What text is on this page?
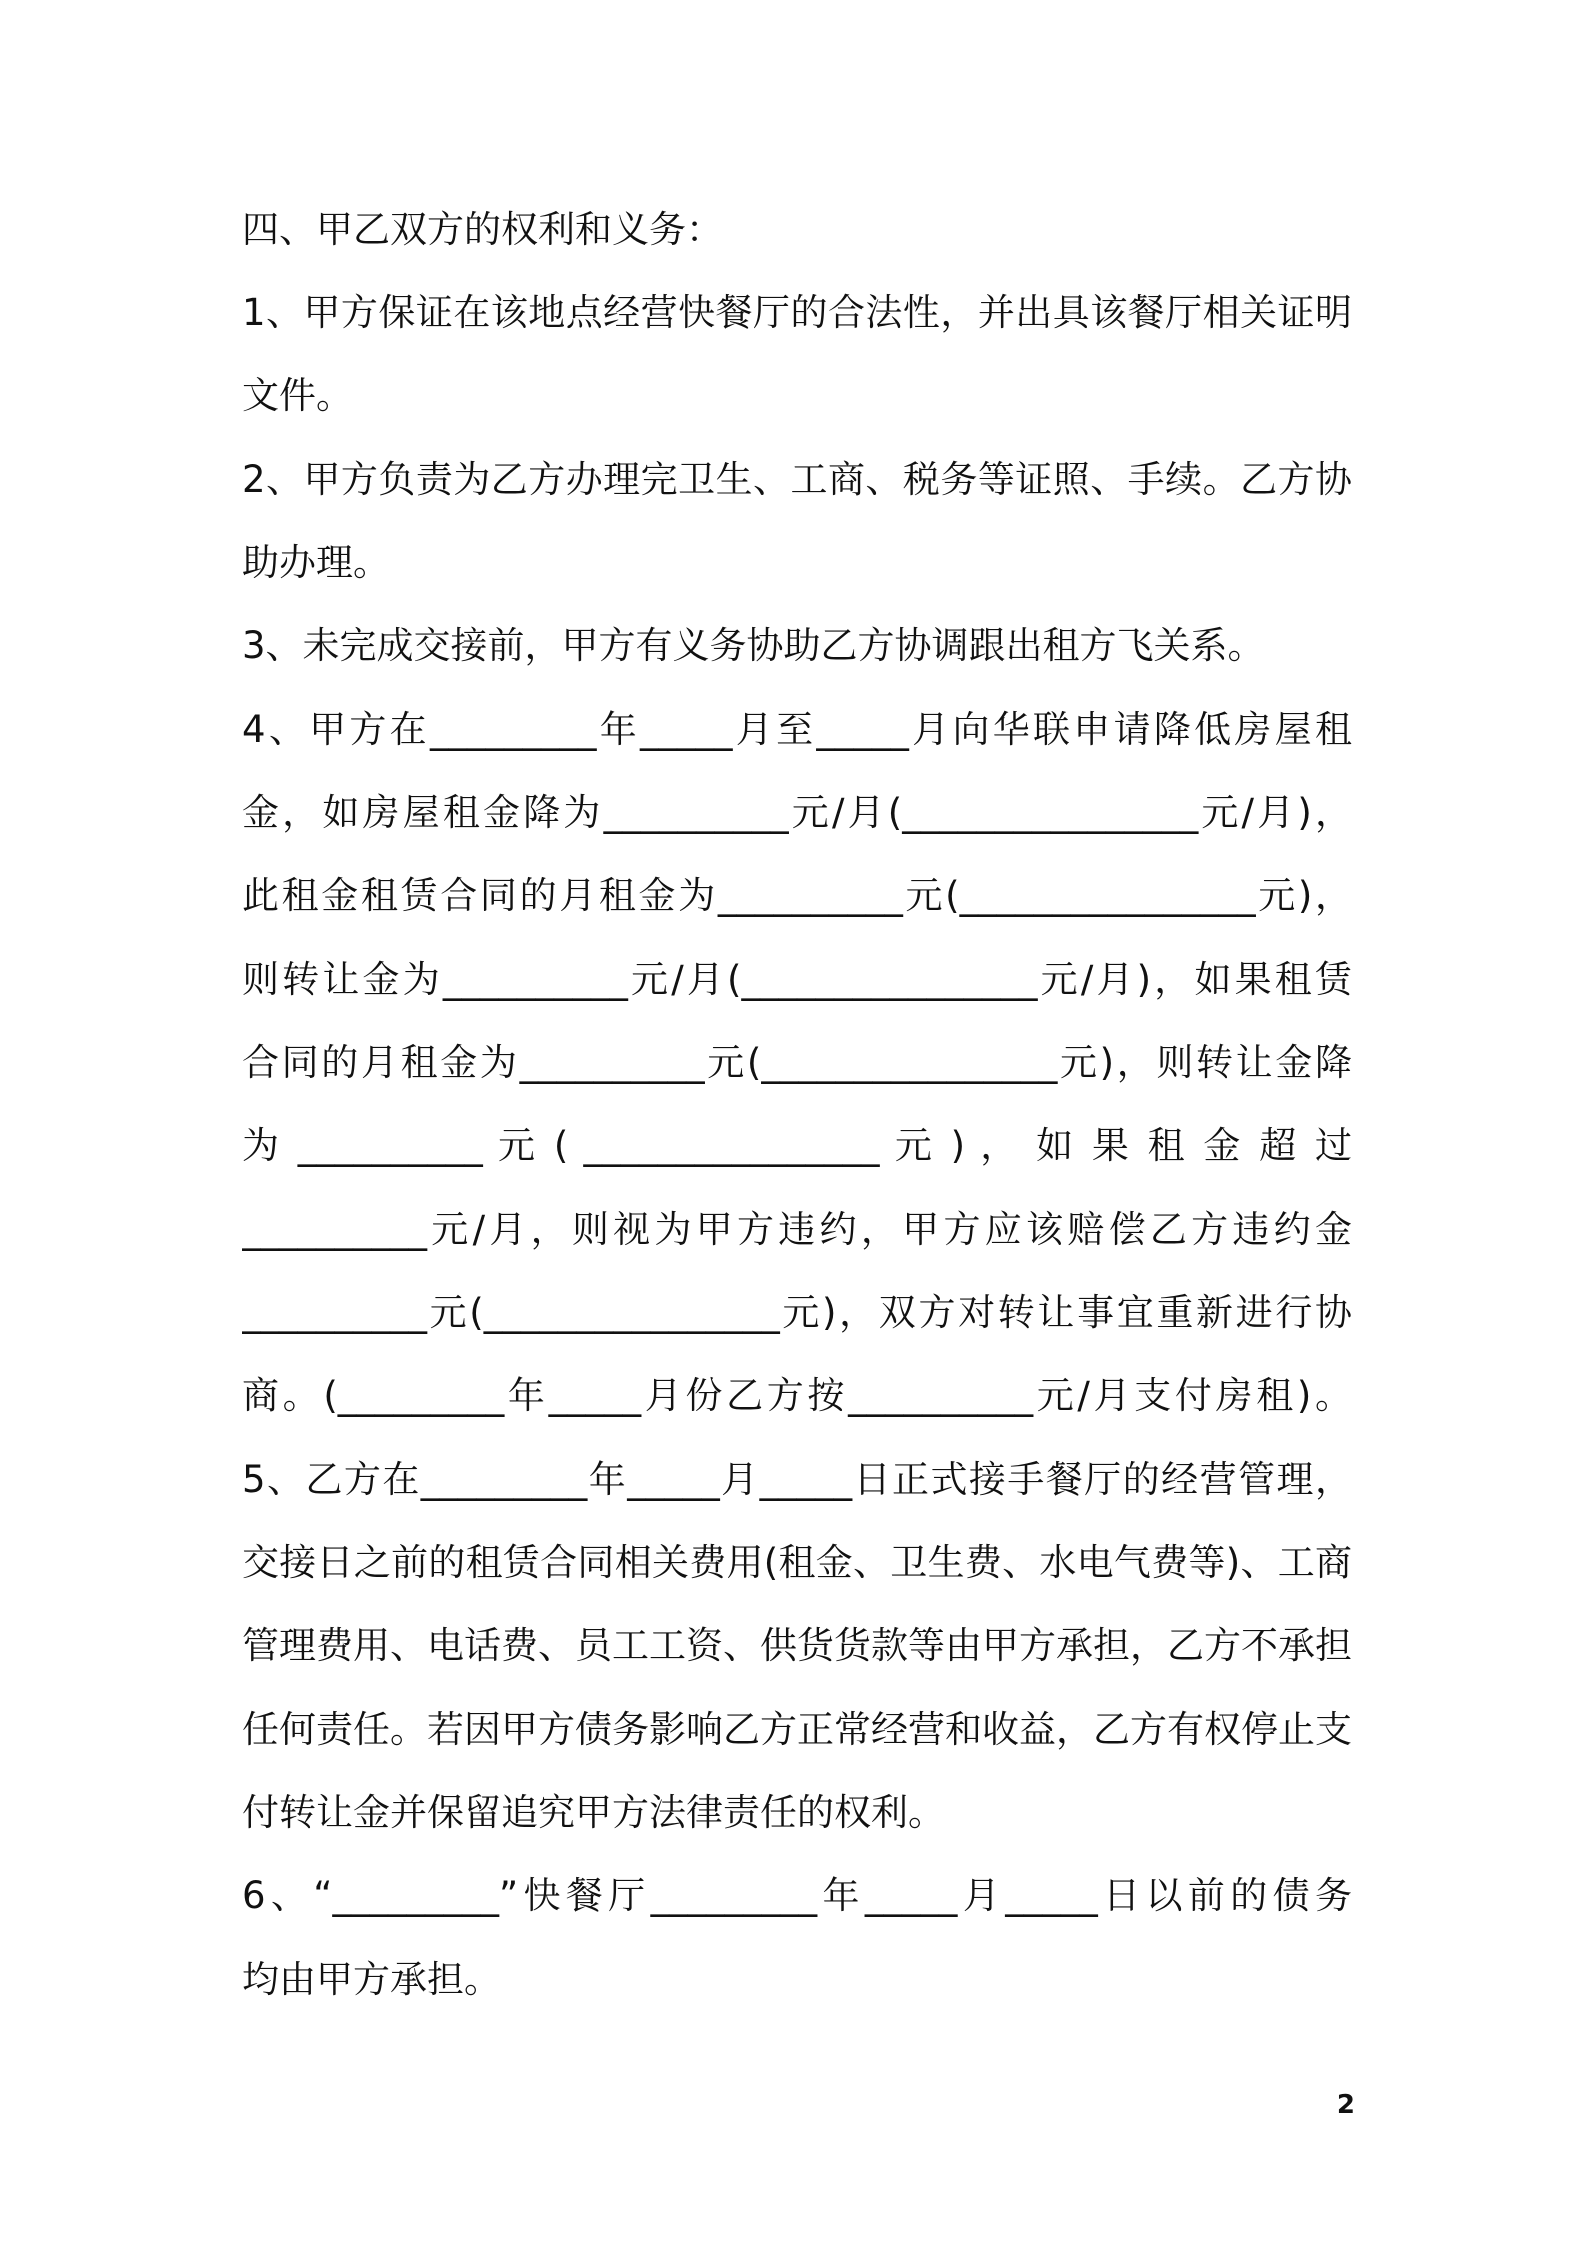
四、甲乙双方的权利和义务：
1、甲方保证在该地点经营快餐厅的合法性，并出具该餐厅相关证明
文件。
2、甲方负责为乙方办理完卫生、工商、税务等证照、手续。乙方协
助办理。
3、未完成交接前，甲方有义务协助乙方协调跟出租方飞关系。
4、甲方在_________年_____月至_____月向华联申请降低房屋租
金，如房屋租金降为__________元/月(________________元/月)，
此租金租赁合同的月租金为__________元(________________元)，
则转让金为__________元/月(________________元/月)，如果租赁
合同的月租金为__________元(________________元)，则转让金降
为 __________ 元 ( ________________ 元 ) ， 如 果 租 金 超 过
__________元/月，则视为甲方违约，甲方应该赔偿乙方违约金
__________元(________________元)，双方对转让事宜重新进行协
商。(_________年_____月份乙方按__________元/月支付房租)。
5、乙方在_________年_____月_____日正式接手餐厅的经营管理，
交接日之前的租赁合同相关费用(租金、卫生费、水电气费等)、工商
管理费用、电话费、员工工资、供货货款等由甲方承担，乙方不承担
任何责任。若因甲方债务影响乙方正常经营和收益，乙方有权停止支
付转让金并保留追究甲方法律责任的权利。
6、“_________”快餐厅_________年_____月_____日以前的债务
均由甲方承担。
2
